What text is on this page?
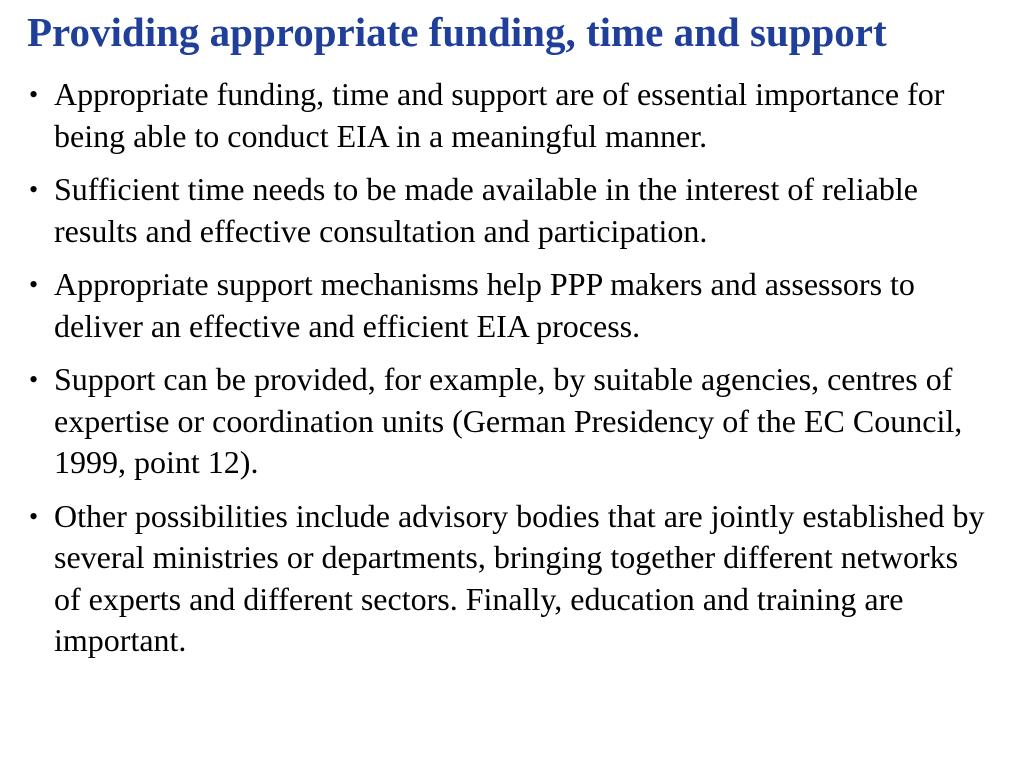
Providing appropriate funding, time and support
• Appropriate funding, time and support are of essential importance for being able to conduct EIA in a meaningful manner.
• Sufficient time needs to be made available in the interest of reliable results and effective consultation and participation.
• Appropriate support mechanisms help PPP makers and assessors to deliver an effective and efficient EIA process.
• Support can be provided, for example, by suitable agencies, centres of expertise or coordination units (German Presidency of the EC Council, 1999, point 12).
• Other possibilities include advisory bodies that are jointly established by several ministries or departments, bringing together different networks of experts and different sectors. Finally, education and training are important.
